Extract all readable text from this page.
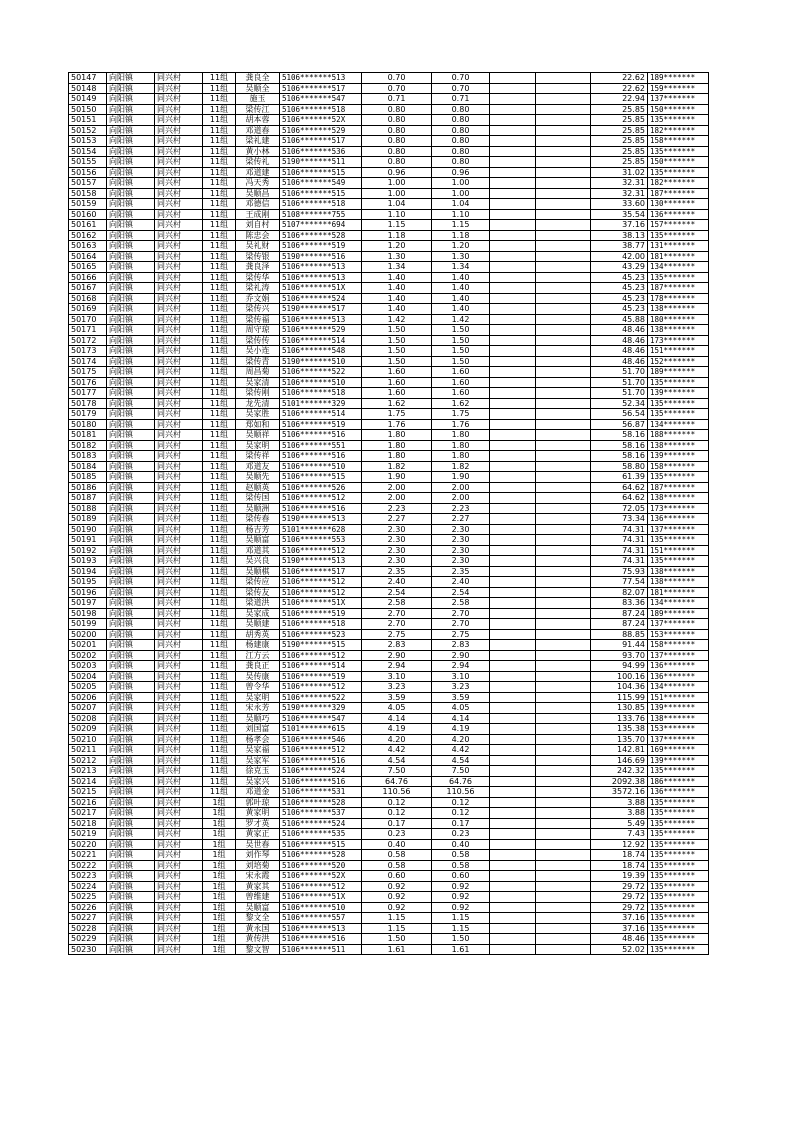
50147	向阳镇	同兴村	11组	龚良全	5106*******513	0.70	0.70			22.62	189*******
50148	向阳镇	同兴村	11组	吴顺全	5106*******517	0.70	0.70			22.62	159*******
50149	向阳镇	同兴村	11组	施玉	5106*******547	0.71	0.71			22.94	137*******
50150	向阳镇	同兴村	11组	梁传江	5106*******518	0.80	0.80			25.85	150*******
50151	向阳镇	同兴村	11组	胡本蓉	5106*******52X	0.80	0.80			25.85	135*******
50152	向阳镇	同兴村	11组	邓道春	5106*******529	0.80	0.80			25.85	182*******
50153	向阳镇	同兴村	11组	梁礼建	5106*******517	0.80	0.80			25.85	158*******
50154	向阳镇	同兴村	11组	黄小林	5106*******536	0.80	0.80			25.85	135*******
50155	向阳镇	同兴村	11组	梁传礼	5190*******511	0.80	0.80			25.85	150*******
50156	向阳镇	同兴村	11组	邓道建	5106*******515	0.96	0.96			31.02	135*******
50157	向阳镇	同兴村	11组	冯天秀	5106*******549	1.00	1.00			32.31	182*******
50158	向阳镇	同兴村	11组	吴顺昌	5106*******515	1.00	1.00			32.31	187*******
50159	向阳镇	同兴村	11组	邓德信	5106*******518	1.04	1.04			33.60	130*******
50160	向阳镇	同兴村	11组	王成刚	5108*******755	1.10	1.10			35.54	136*******
50161	向阳镇	同兴村	11组	刘自村	5107*******694	1.15	1.15			37.16	157*******
50162	向阳镇	同兴村	11组	陈忠会	5106*******528	1.18	1.18			38.13	135*******
50163	向阳镇	同兴村	11组	吴礼财	5106*******519	1.20	1.20			38.77	131*******
50164	向阳镇	同兴村	11组	梁传银	5190*******516	1.30	1.30			42.00	181*******
50165	向阳镇	同兴村	11组	龚良泽	5106*******513	1.34	1.34			43.29	134*******
50166	向阳镇	同兴村	11组	梁传华	5106*******513	1.40	1.40			45.23	135*******
50167	向阳镇	同兴村	11组	梁礼涛	5106*******51X	1.40	1.40			45.23	187*******
50168	向阳镇	同兴村	11组	乔文娟	5106*******524	1.40	1.40			45.23	178*******
50169	向阳镇	同兴村	11组	梁传兴	5190*******517	1.40	1.40			45.23	138*******
50170	向阳镇	同兴村	11组	梁传福	5106*******513	1.42	1.42			45.88	180*******
50171	向阳镇	同兴村	11组	周守琼	5106*******529	1.50	1.50			48.46	138*******
50172	向阳镇	同兴村	11组	梁传传	5106*******514	1.50	1.50			48.46	173*******
50173	向阳镇	同兴村	11组	吴小连	5106*******548	1.50	1.50			48.46	151*******
50174	向阳镇	同兴村	11组	梁传青	5190*******510	1.50	1.50			48.46	152*******
50175	向阳镇	同兴村	11组	周昌菊	5106*******522	1.60	1.60			51.70	189*******
50176	向阳镇	同兴村	11组	吴家清	5106*******510	1.60	1.60			51.70	135*******
50177	向阳镇	同兴村	11组	梁传刚	5106*******518	1.60	1.60			51.70	139*******
50178	向阳镇	同兴村	11组	龙先清	5101*******329	1.62	1.62			52.34	135*******
50179	向阳镇	同兴村	11组	吴家胜	5106*******514	1.75	1.75			56.54	135*******
50180	向阳镇	同兴村	11组	郑如和	5106*******519	1.76	1.76			56.87	134*******
50181	向阳镇	同兴村	11组	吴顺祥	5106*******516	1.80	1.80			58.16	188*******
50182	向阳镇	同兴村	11组	吴家明	5106*******551	1.80	1.80			58.16	138*******
50183	向阳镇	同兴村	11组	梁传祥	5106*******516	1.80	1.80			58.16	139*******
50184	向阳镇	同兴村	11组	邓道友	5106*******510	1.82	1.82			58.80	158*******
50185	向阳镇	同兴村	11组	吴顺先	5106*******515	1.90	1.90			61.39	135*******
50186	向阳镇	同兴村	11组	赵顺英	5106*******526	2.00	2.00			64.62	187*******
50187	向阳镇	同兴村	11组	梁传国	5106*******512	2.00	2.00			64.62	138*******
50188	向阳镇	同兴村	11组	吴顺洲	5106*******516	2.23	2.23			72.05	173*******
50189	向阳镇	同兴村	11组	梁传春	5190*******513	2.27	2.27			73.34	136*******
50190	向阳镇	同兴村	11组	杨吉芳	5101*******628	2.30	2.30			74.31	137*******
50191	向阳镇	同兴村	11组	吴顺富	5106*******553	2.30	2.30			74.31	135*******
50192	向阳镇	同兴村	11组	邓道其	5106*******512	2.30	2.30			74.31	151*******
50193	向阳镇	同兴村	11组	吴兴良	5190*******513	2.30	2.30			74.31	135*******
50194	向阳镇	同兴村	11组	吴顺棋	5106*******517	2.35	2.35			75.93	138*******
50195	向阳镇	同兴村	11组	梁传应	5106*******512	2.40	2.40			77.54	138*******
50196	向阳镇	同兴村	11组	梁传友	5106*******512	2.54	2.54			82.07	181*******
50197	向阳镇	同兴村	11组	梁道洪	5106*******51X	2.58	2.58			83.36	134*******
50198	向阳镇	同兴村	11组	吴家成	5106*******519	2.70	2.70			87.24	189*******
50199	向阳镇	同兴村	11组	吴顺建	5106*******518	2.70	2.70			87.24	137*******
50200	向阳镇	同兴村	11组	胡秀英	5106*******523	2.75	2.75			88.85	153*******
50201	向阳镇	同兴村	11组	杨建康	5190*******515	2.83	2.83			91.44	158*******
50202	向阳镇	同兴村	11组	江方云	5106*******512	2.90	2.90			93.70	137*******
50203	向阳镇	同兴村	11组	龚良正	5106*******514	2.94	2.94			94.99	136*******
50204	向阳镇	同兴村	11组	吴传康	5106*******519	3.10	3.10			100.16	136*******
50205	向阳镇	同兴村	11组	曾令华	5106*******512	3.23	3.23			104.36	134*******
50206	向阳镇	同兴村	11组	吴家明	5106*******522	3.59	3.59			115.99	151*******
50207	向阳镇	同兴村	11组	宋永芳	5190*******329	4.05	4.05			130.85	139*******
50208	向阳镇	同兴村	11组	吴顺巧	5106*******547	4.14	4.14			133.76	138*******
50209	向阳镇	同兴村	11组	刘国富	5101*******615	4.19	4.19			135.38	153*******
50210	向阳镇	同兴村	11组	杨孝会	5106*******546	4.20	4.20			135.70	137*******
50211	向阳镇	同兴村	11组	吴家福	5106*******512	4.42	4.42			142.81	169*******
50212	向阳镇	同兴村	11组	吴家军	5106*******516	4.54	4.54			146.69	139*******
50213	向阳镇	同兴村	11组	徐克玉	5106*******524	7.50	7.50			242.32	135*******
50214	向阳镇	同兴村	11组	吴家兴	5106*******516	64.76	64.76			2092.38	186*******
50215	向阳镇	同兴村	11组	邓道金	5106*******531	110.56	110.56			3572.16	136*******
50216	向阳镇	同兴村	1组	郭叶琼	5106*******528	0.12	0.12			3.88	135*******
50217	向阳镇	同兴村	1组	黄家明	5106*******537	0.12	0.12			3.88	135*******
50218	向阳镇	同兴村	1组	罗才英	5106*******524	0.17	0.17			5.49	135*******
50219	向阳镇	同兴村	1组	黄家正	5106*******535	0.23	0.23			7.43	135*******
50220	向阳镇	同兴村	1组	吴世春	5106*******515	0.40	0.40			12.92	135*******
50221	向阳镇	同兴村	1组	刘作琴	5106*******528	0.58	0.58			18.74	135*******
50222	向阳镇	同兴村	1组	刘培菊	5106*******520	0.58	0.58			18.74	135*******
50223	向阳镇	同兴村	1组	宋永霞	5106*******52X	0.60	0.60			19.39	135*******
50224	向阳镇	同兴村	1组	黄家其	5106*******512	0.92	0.92			29.72	135*******
50225	向阳镇	同兴村	1组	曾维建	5106*******51X	0.92	0.92			29.72	135*******
50226	向阳镇	同兴村	1组	吴顺富	5106*******510	0.92	0.92			29.72	135*******
50227	向阳镇	同兴村	1组	黎文全	5106*******557	1.15	1.15			37.16	135*******
50228	向阳镇	同兴村	1组	黄永国	5106*******513	1.15	1.15			37.16	135*******
50229	向阳镇	同兴村	1组	黄传洪	5106*******516	1.50	1.50			48.46	135*******
50230	向阳镇	同兴村	1组	黎文智	5106*******511	1.61	1.61			52.02	135*******
